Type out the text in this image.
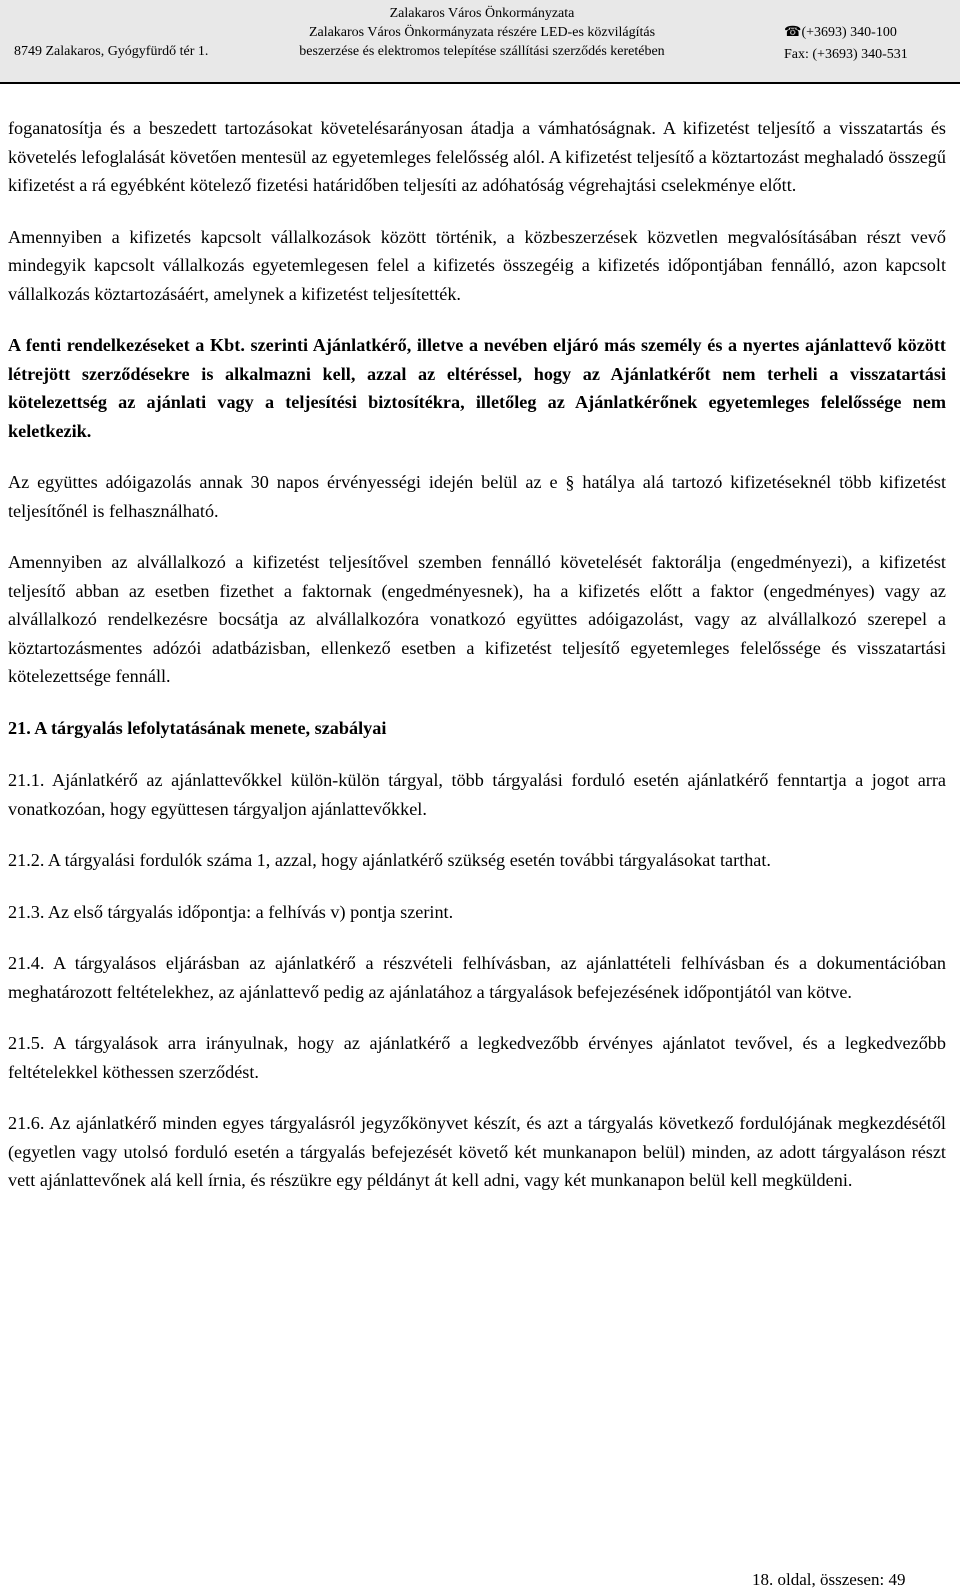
Zalakaros Város Önkormányzata
Zalakaros Város Önkormányzata részére LED-es közvilágítás
beszerzése és elektromos telepítése szállítási szerződés keretében
8749 Zalakaros, Gyógyfürdő tér 1.
☎(+3693) 340-100
Fax: (+3693) 340-531

foganatosítja és a beszedett tartozásokat követelésarányosan átadja a vámhatóságnak. A kifizetést teljesítő a visszatartás és követelés lefoglalását követően mentesül az egyetemleges felelősség alól. A kifizetést teljesítő a köztartozást meghaladó összegű kifizetést a rá egyébként kötelező fizetési határidőben teljesíti az adóhatóság végrehajtási cselekménye előtt.

Amennyiben a kifizetés kapcsolt vállalkozások között történik, a közbeszerzések közvetlen megvalósításában részt vevő mindegyik kapcsolt vállalkozás egyetemlegesen felel a kifizetés összegéig a kifizetés időpontjában fennálló, azon kapcsolt vállalkozás köztartozásáért, amelynek a kifizetést teljesítették.

A fenti rendelkezéseket a Kbt. szerinti Ajánlatkérő, illetve a nevében eljáró más személy és a nyertes ajánlattevő között létrejött szerződésekre is alkalmazni kell, azzal az eltéréssel, hogy az Ajánlatkérőt nem terheli a visszatartási kötelezettség az ajánlati vagy a teljesítési biztosítékra, illetőleg az Ajánlatkérőnek egyetemleges felelőssége nem keletkezik.

Az együttes adóigazolás annak 30 napos érvényességi idején belül az e § hatálya alá tartozó kifizetéseknél több kifizetést teljesítőnél is felhasználható.

Amennyiben az alvállalkozó a kifizetést teljesítővel szemben fennálló követelését faktorálja (engedményezi), a kifizetést teljesítő abban az esetben fizethet a faktornak (engedményesnek), ha a kifizetés előtt a faktor (engedményes) vagy az alvállalkozó rendelkezésre bocsátja az alvállalkozóra vonatkozó együttes adóigazolást, vagy az alvállalkozó szerepel a köztartozásmentes adózói adatbázisban, ellenkező esetben a kifizetést teljesítő egyetemleges felelőssége és visszatartási kötelezettsége fennáll.

21. A tárgyalás lefolytatásának menete, szabályai

21.1. Ajánlatkérő az ajánlattevőkkel külön-külön tárgyal, több tárgyalási forduló esetén ajánlatkérő fenntartja a jogot arra vonatkozóan, hogy együttesen tárgyaljon ajánlattevőkkel.

21.2. A tárgyalási fordulók száma 1, azzal, hogy ajánlatkérő szükség esetén további tárgyalásokat tarthat.

21.3. Az első tárgyalás időpontja: a felhívás v) pontja szerint.

21.4. A tárgyalásos eljárásban az ajánlatkérő a részvételi felhívásban, az ajánlattételi felhívásban és a dokumentációban meghatározott feltételekhez, az ajánlattevő pedig az ajánlatához a tárgyalások befejezésének időpontjától van kötve.

21.5. A tárgyalások arra irányulnak, hogy az ajánlatkérő a legkedvezőbb érvényes ajánlatot tevővel, és a legkedvezőbb feltételekkel köthessen szerződést.

21.6. Az ajánlatkérő minden egyes tárgyalásról jegyzőkönyvet készít, és azt a tárgyalás következő fordulójának megkezdésétől (egyetlen vagy utolsó forduló esetén a tárgyalás befejezését követő két munkanapon belül) minden, az adott tárgyaláson részt vett ajánlattevőnek alá kell írnia, és részükre egy példányt át kell adni, vagy két munkanapon belül kell megküldeni.

18. oldal, összesen: 49
